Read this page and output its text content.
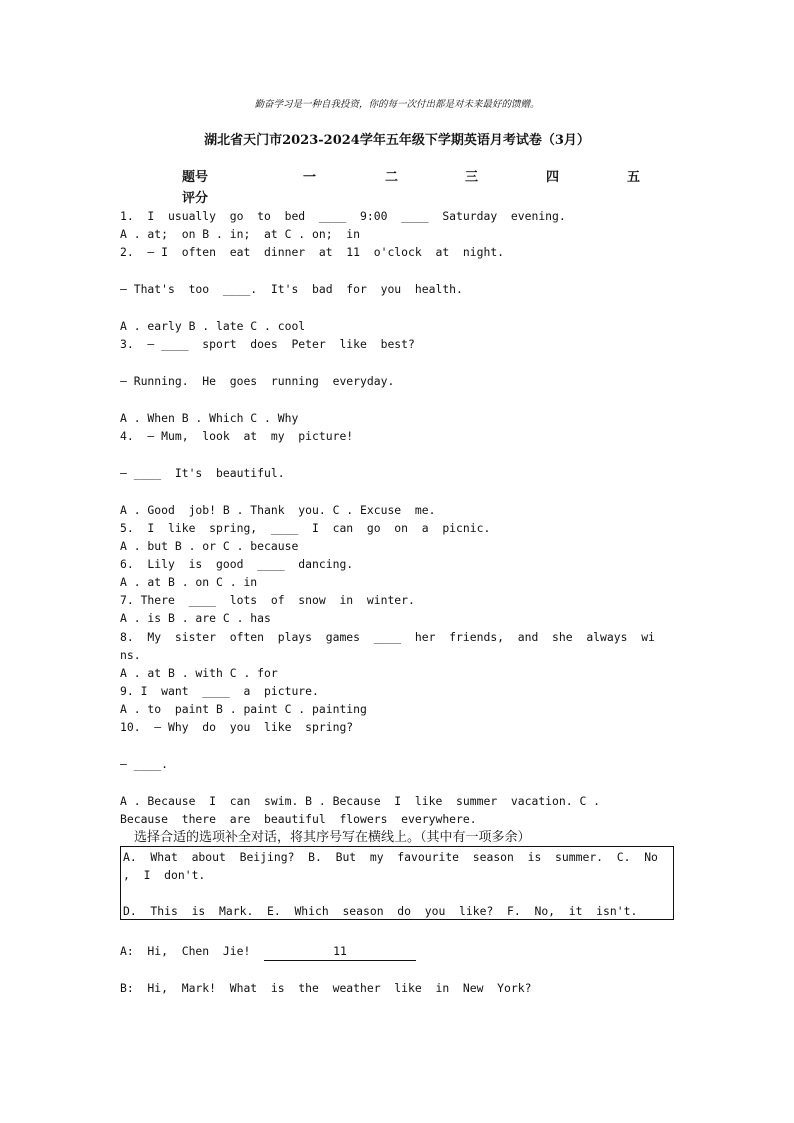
勤奋学习是一种自我投资，你的每一次付出都是对未来最好的馈赠。
湖北省天门市2023-2024学年五年级下学期英语月考试卷（3月）
题号	一	二	三	四	五
评分
1.  I  usually  go  to  bed  ____  9:00  ____  Saturday  evening.
A . at;  on B . in;  at C . on;  in
2.  — I  often  eat  dinner  at  11  o'clock  at  night.
— That's  too  ____.  It's  bad  for  you  health.
A . early B . late C . cool
3.  — ____  sport  does  Peter  like  best?
— Running.  He  goes  running  everyday.
A . When B . Which C . Why
4.  — Mum,  look  at  my  picture!
— ____  It's  beautiful.
A . Good  job! B . Thank  you. C . Excuse  me.
5.  I  like  spring,  ____  I  can  go  on  a  picnic.
A . but B . or C . because
6.  Lily  is  good  ____  dancing.
A . at B . on C . in
7. There  ____  lots  of  snow  in  winter.
A . is B . are C . has
8.  My  sister  often  plays  games  ____  her  friends,  and  she  always  wi
ns.
A . at B . with C . for
9. I  want  ____  a  picture.
A . to  paint B . paint C . painting
10.  — Why  do  you  like  spring?
— ____.
A . Because  I  can  swim. B . Because  I  like  summer  vacation. C .
Because  there  are  beautiful  flowers  everywhere.
选择合适的选项补全对话，将其序号写在横线上。（其中有一项多余）
A.  What  about  Beijing?  B.  But  my  favourite  season  is  summer.  C.  No
,  I  don't.
D.  This  is  Mark.  E.  Which  season  do  you  like?  F.  No,  it  isn't.
A:  Hi,  Chen  Jie!	11
B:  Hi,  Mark!  What  is  the  weather  like  in  New  York?
